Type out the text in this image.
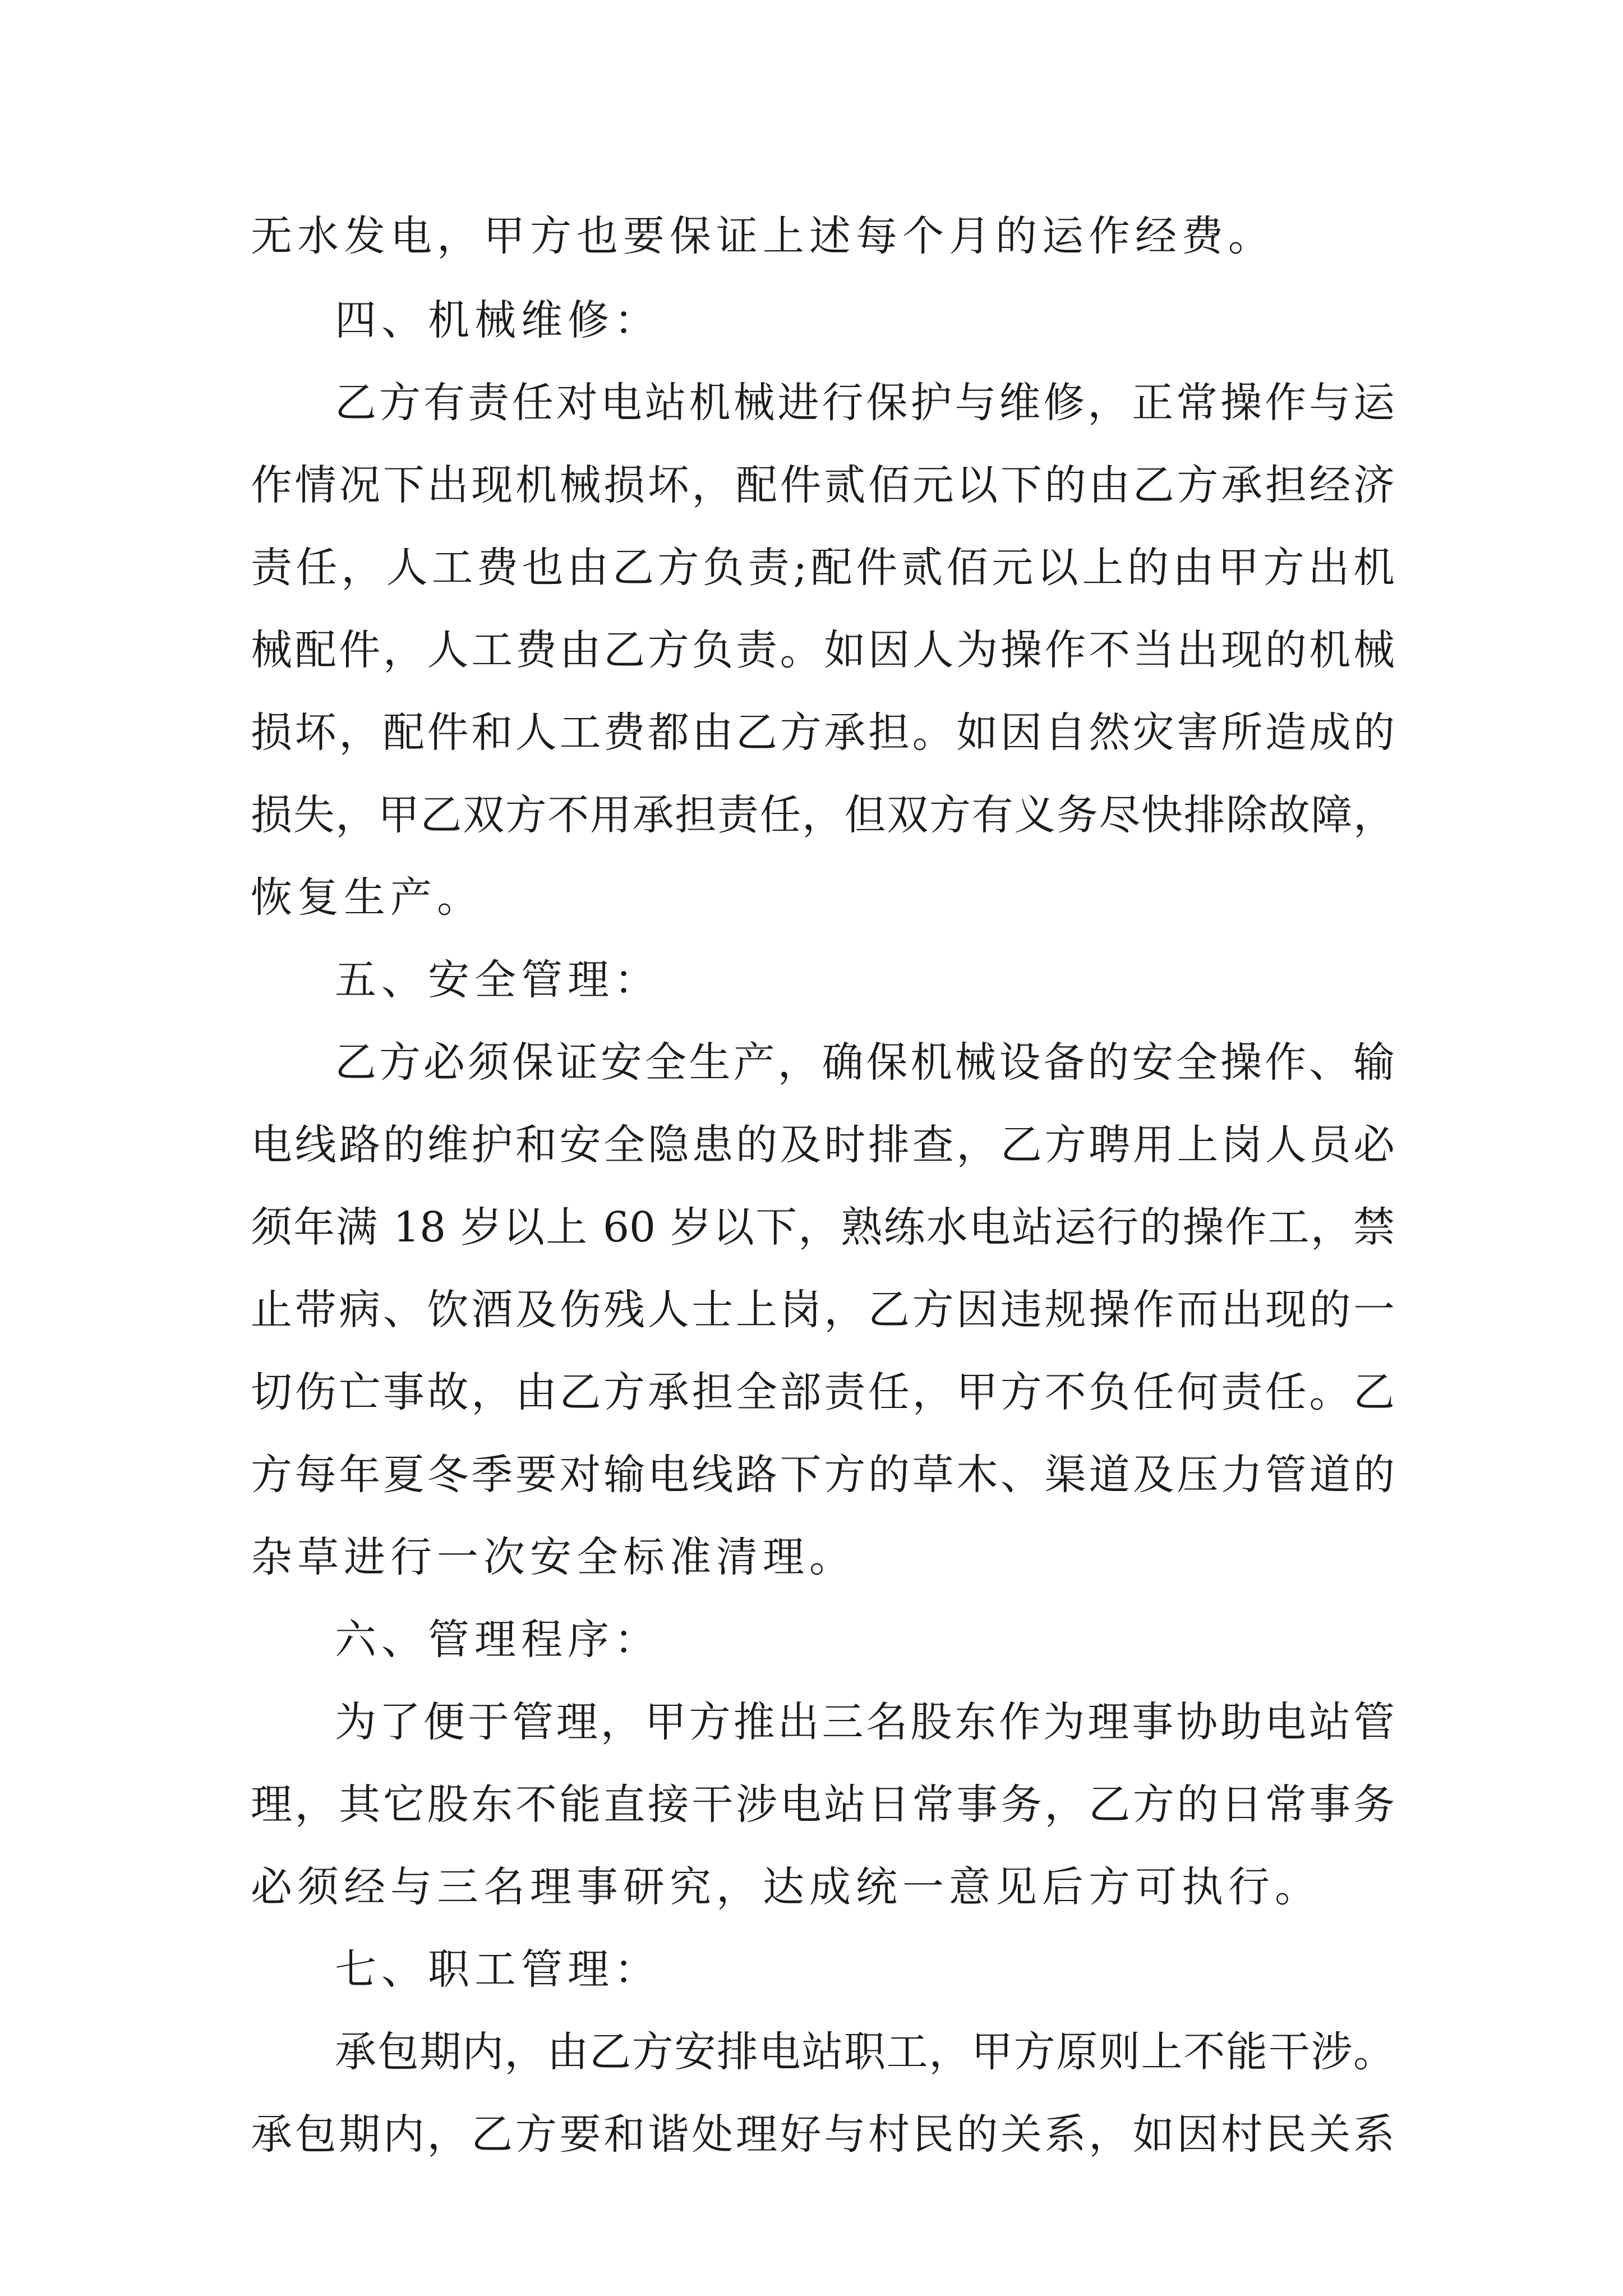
无水发电，甲方也要保证上述每个月的运作经费。
四、机械维修：
乙方有责任对电站机械进行保护与维修，正常操作与运
作情况下出现机械损坏，配件贰佰元以下的由乙方承担经济
责任，人工费也由乙方负责;配件贰佰元以上的由甲方出机
械配件，人工费由乙方负责。如因人为操作不当出现的机械
损坏，配件和人工费都由乙方承担。如因自然灾害所造成的
损失，甲乙双方不用承担责任，但双方有义务尽快排除故障，
恢复生产。
五、安全管理：
乙方必须保证安全生产，确保机械设备的安全操作、输
电线路的维护和安全隐患的及时排查，乙方聘用上岗人员必
须年满 18 岁以上 60 岁以下，熟练水电站运行的操作工，禁
止带病、饮酒及伤残人士上岗，乙方因违规操作而出现的一
切伤亡事故，由乙方承担全部责任，甲方不负任何责任。乙
方每年夏冬季要对输电线路下方的草木、渠道及压力管道的
杂草进行一次安全标准清理。
六、管理程序：
为了便于管理，甲方推出三名股东作为理事协助电站管
理，其它股东不能直接干涉电站日常事务，乙方的日常事务
必须经与三名理事研究，达成统一意见后方可执行。
七、职工管理：
承包期内，由乙方安排电站职工，甲方原则上不能干涉。
承包期内，乙方要和谐处理好与村民的关系，如因村民关系
